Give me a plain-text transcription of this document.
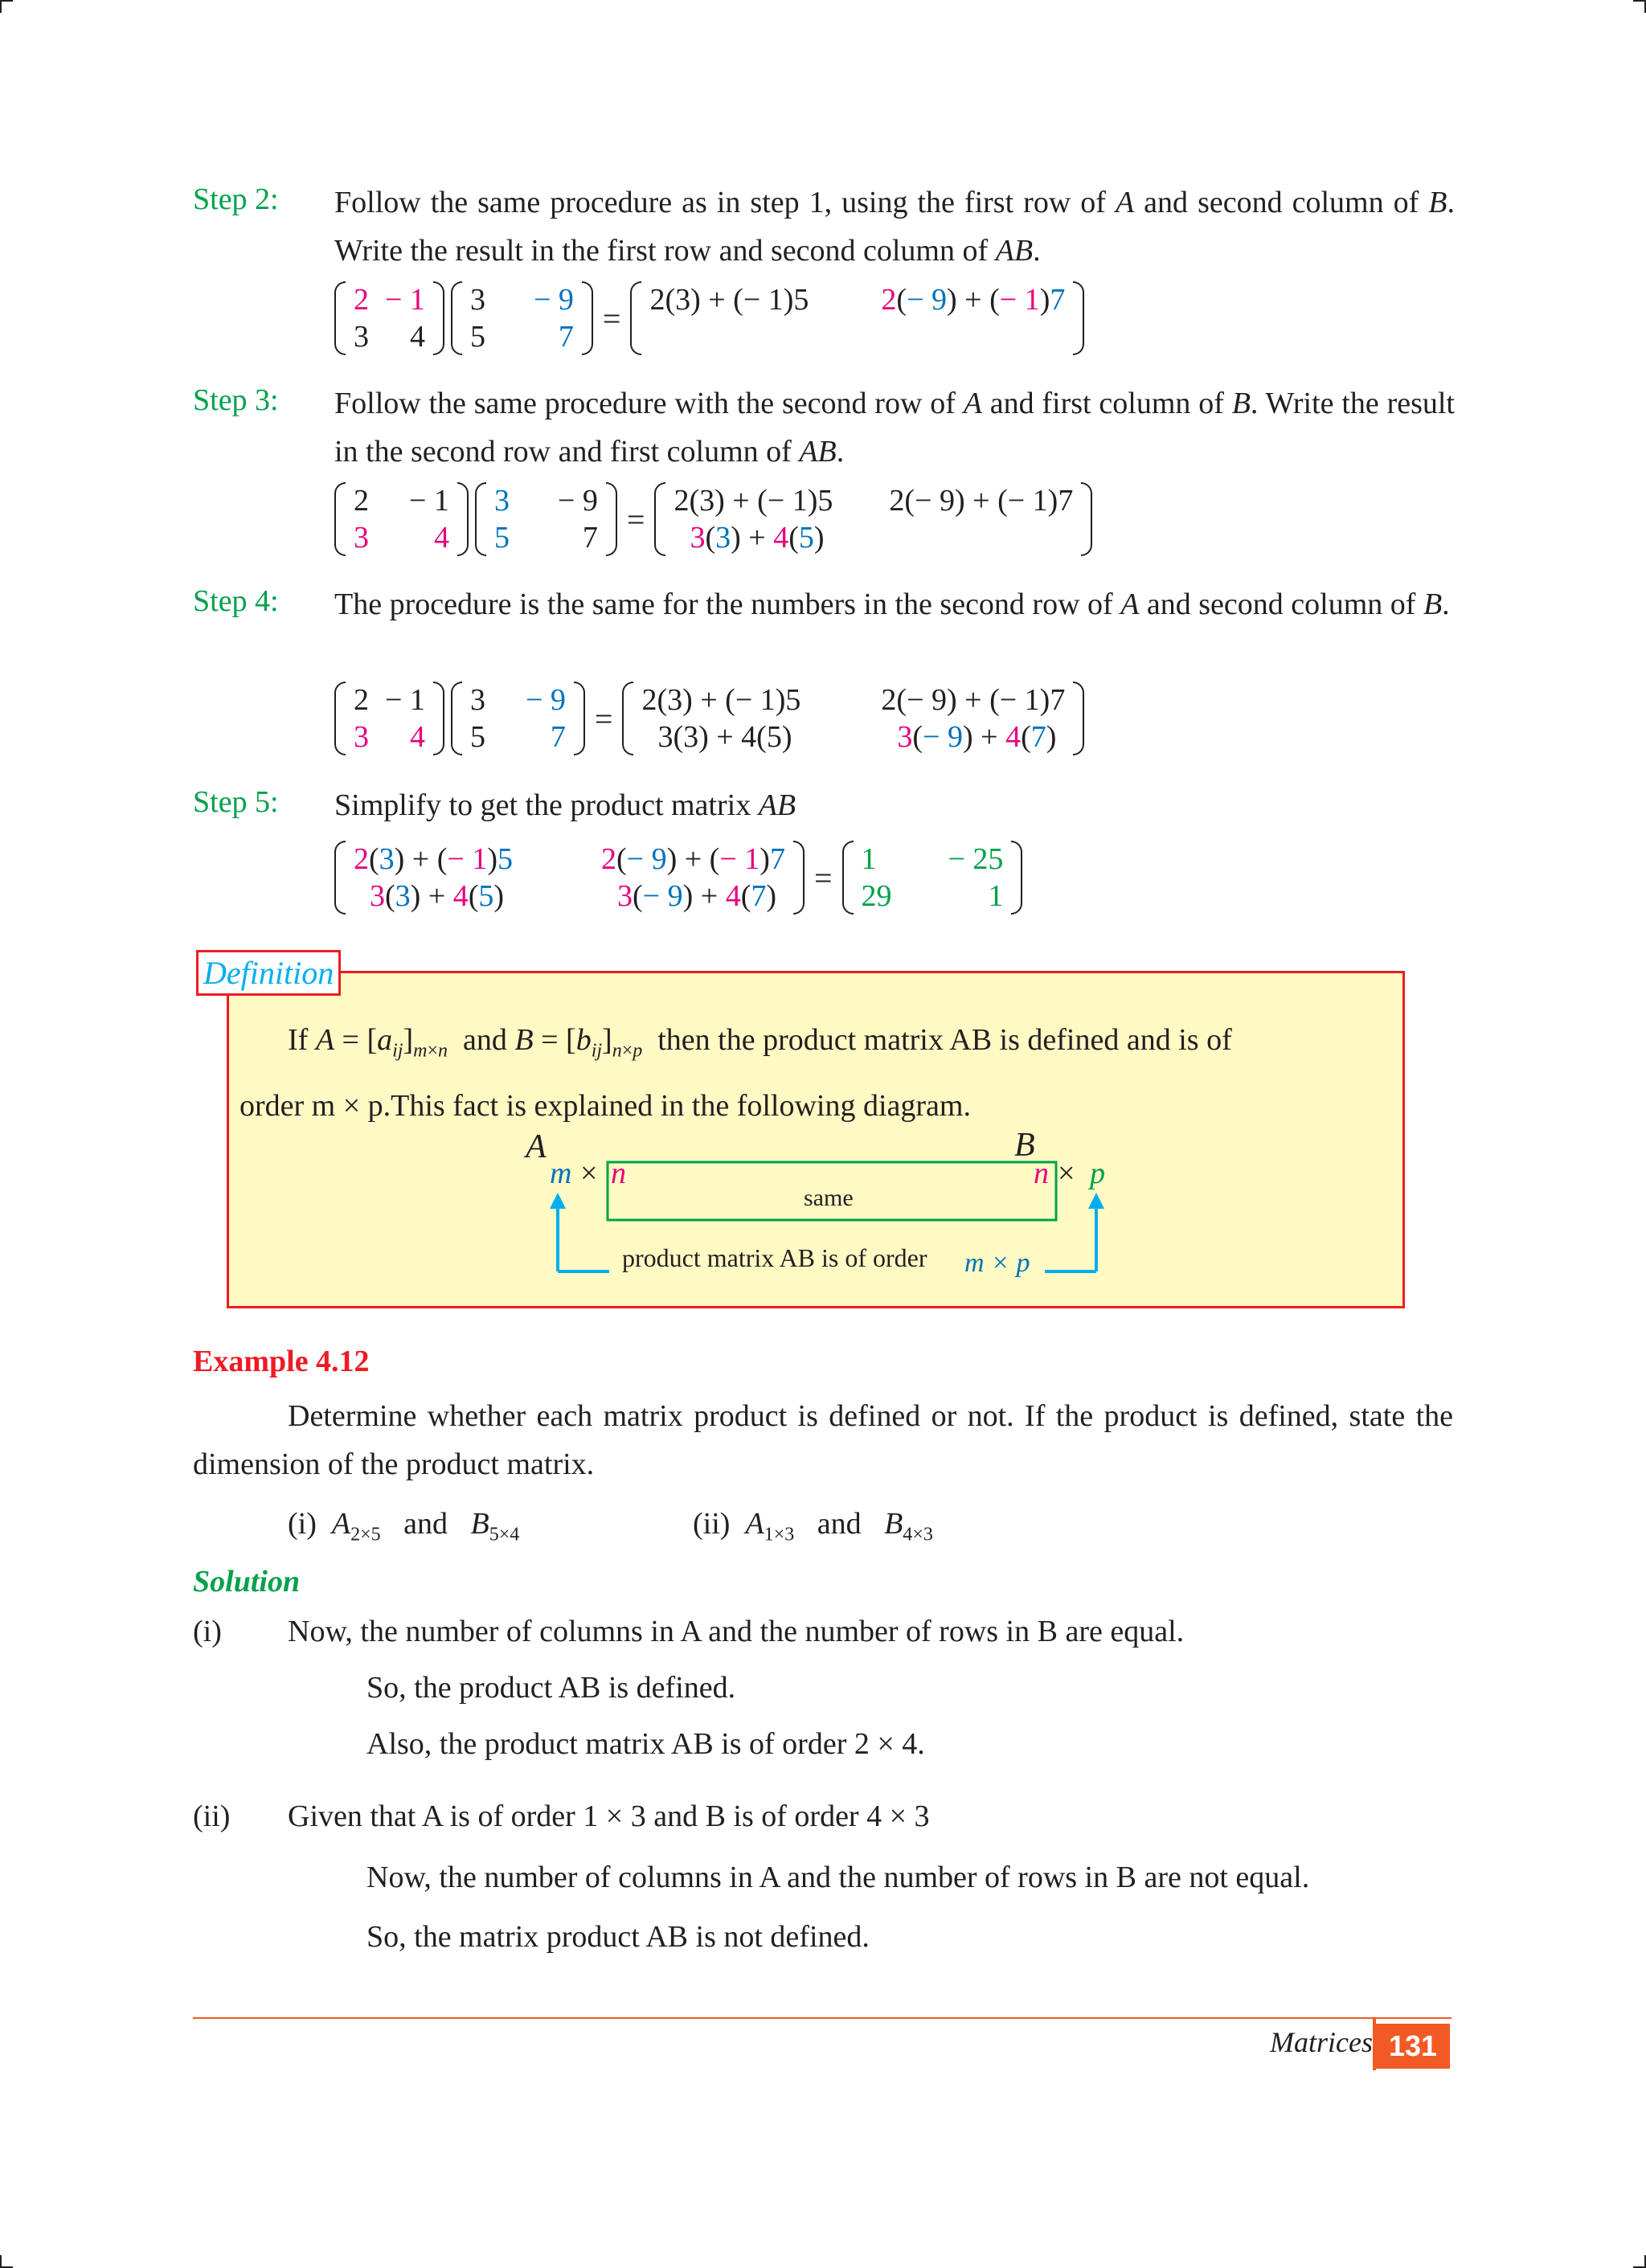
Step 2: Follow the same procedure as in step 1, using the first row of A and second column of B. Write the result in the first row and second column of AB.
2	− 1
3	4
3	− 9
5	7
=
2(3) + (− 1)5	2(− 9) + (− 1)7

Step 3: Follow the same procedure with the second row of A and first column of B. Write the result in the second row and first column of AB.
2	− 1
3	4
3	− 9
5	7
=
2(3) + (− 1)5	2(− 9) + (− 1)7
3(3) + 4(5)	
Step 4: The procedure is the same for the numbers in the second row of A and second column of B.
2	− 1
3	4
3	− 9
5	7
=
2(3) + (− 1)5	2(− 9) + (− 1)7
3(3) + 4(5)	3(− 9) + 4(7)
Step 5: Simplify to get the product matrix AB
2(3) + (− 1)5	2(− 9) + (− 1)7
3(3) + 4(5)	3(− 9) + 4(7)
=
1	− 25
29	1
Definition
If $A = [a_{ij}]_{m\times n}$ and $B = [b_{ij}]_{n\times p}$ then the product matrix AB is defined and is of
order m × p.This fact is explained in the following diagram.
A	B
m × n	n × p
same
product matrix AB is of order m × p
Example 4.12
Determine whether each matrix product is defined or not. If the product is defined, state the dimension of the product matrix.
(i) $A_{2\times 5}$ and $B_{5\times 4}$	(ii) $A_{1\times 3}$ and $B_{4\times 3}$
Solution
(i) Now, the number of columns in A and the number of rows in B are equal.
So, the product AB is defined.
Also, the product matrix AB is of order 2 × 4.
(ii) Given that A is of order 1 × 3 and B is of order 4 × 3
Now, the number of columns in A and the number of rows in B are not equal.
So, the matrix product AB is not defined.
Matrices 131
